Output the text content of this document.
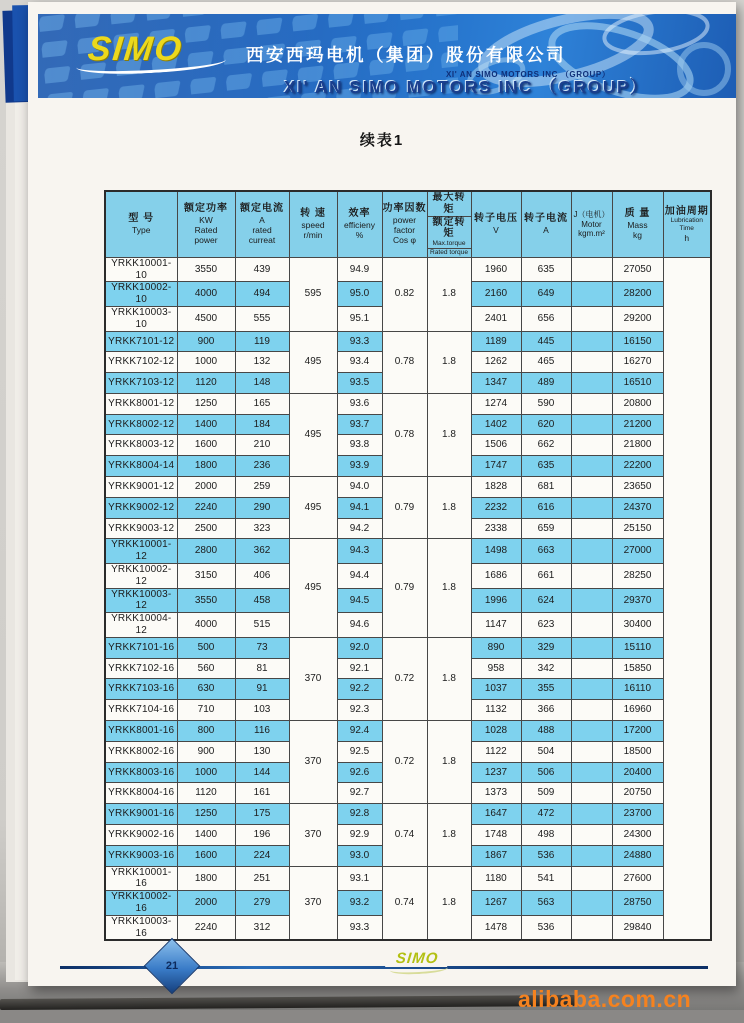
SIMO	西安西玛电机（集团）股份有限公司
XI' AN SIMO MOTORS INC （GROUP）
XI' AN SIMO MOTORS INC （GROUP）
续表1
型 号
Type

额定功率
KW
Rated
power

额定电流
A
rated
curreat

转 速
speed
r/min

效率
efficieny
%

功率因数
power
factor
Cos φ

最大转矩
额定转矩
Max.torque
Rated torque

转子电压
V

转子电流
A

J（电机）
Motor
kgm.m²

质 量
Mass
kg

加油周期
Lubrication Time
h

YRKK10001-10	3550	439	595	94.9	0.82	1.8	1960	635		27050	
YRKK10002-10	4000	494		95.0			2160	649		28200	
YRKK10003-10	4500	555		95.1			2401	656		29200	
YRKK7101-12	900	119	495	93.3	0.78	1.8	1189	445		16150	
YRKK7102-12	1000	132		93.4			1262	465		16270	
YRKK7103-12	1120	148		93.5			1347	489		16510	
YRKK8001-12	1250	165	495	93.6	0.78	1.8	1274	590		20800	
YRKK8002-12	1400	184		93.7			1402	620		21200	
YRKK8003-12	1600	210		93.8			1506	662		21800	
YRKK8004-14	1800	236		93.9			1747	635		22200	
YRKK9001-12	2000	259	495	94.0	0.79	1.8	1828	681		23650	
YRKK9002-12	2240	290		94.1			2232	616		24370	
YRKK9003-12	2500	323		94.2			2338	659		25150	
YRKK10001-12	2800	362	495	94.3	0.79	1.8	1498	663		27000	
YRKK10002-12	3150	406		94.4			1686	661		28250	
YRKK10003-12	3550	458		94.5			1996	624		29370	
YRKK10004-12	4000	515		94.6			1147	623		30400	
YRKK7101-16	500	73	370	92.0	0.72	1.8	890	329		15110	
YRKK7102-16	560	81		92.1			958	342		15850	
YRKK7103-16	630	91		92.2			1037	355		16110	
YRKK7104-16	710	103		92.3			1132	366		16960	
YRKK8001-16	800	116	370	92.4	0.72	1.8	1028	488		17200	
YRKK8002-16	900	130		92.5			1122	504		18500	
YRKK8003-16	1000	144		92.6			1237	506		20400	
YRKK8004-16	1120	161		92.7			1373	509		20750	
YRKK9001-16	1250	175	370	92.8	0.74	1.8	1647	472		23700	
YRKK9002-16	1400	196		92.9			1748	498		24300	
YRKK9003-16	1600	224		93.0			1867	536		24880	
YRKK10001-16	1800	251	370	93.1	0.74	1.8	1180	541		27600	
YRKK10002-16	2000	279		93.2			1267	563		28750	
YRKK10003-16	2240	312		93.3			1478	536		29840	
21	SIMO
alibaba.com.cn
